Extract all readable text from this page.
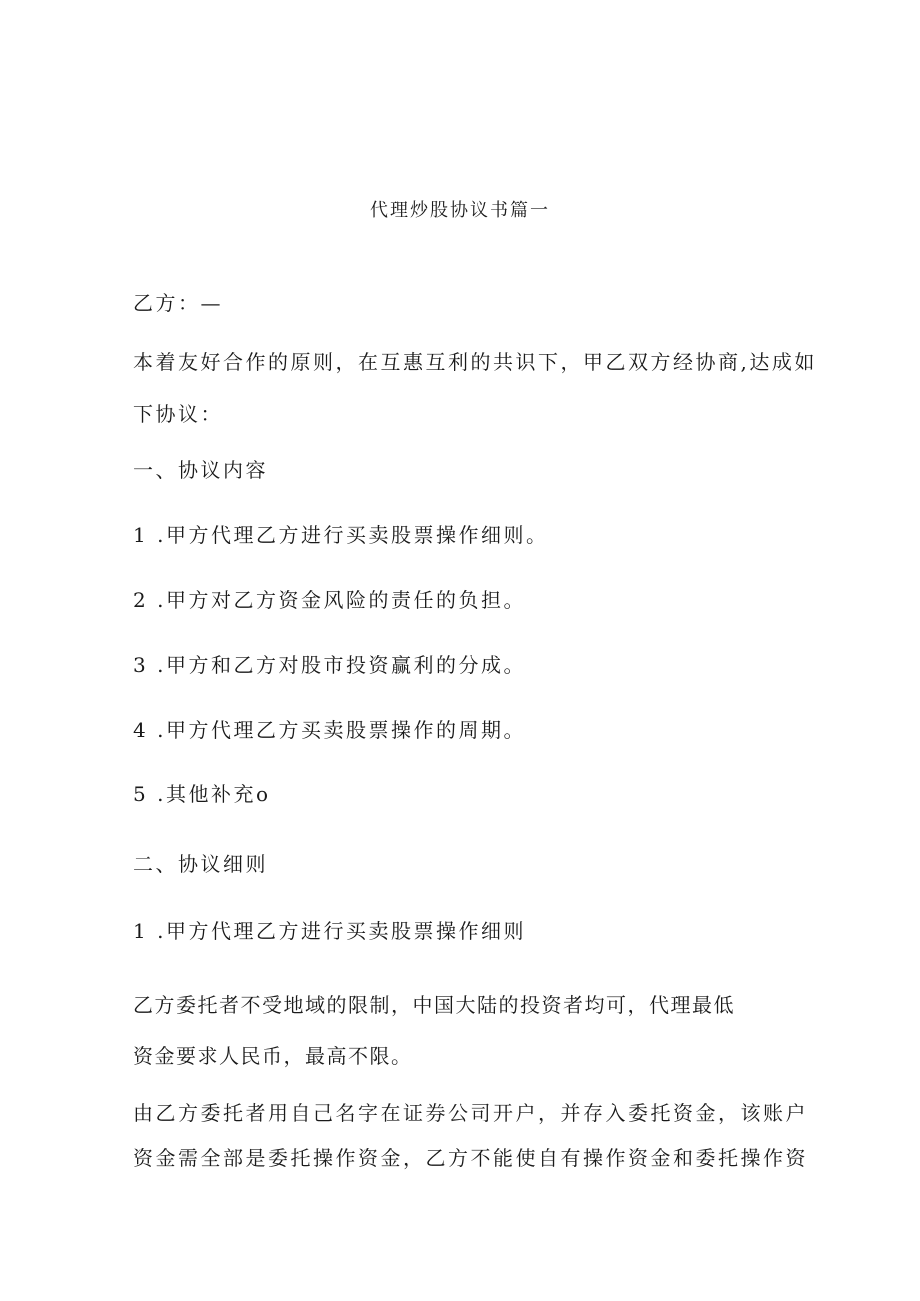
代理炒股协议书篇一
乙方：—
本着友好合作的原则，在互惠互利的共识下，甲乙双方经协商,达成如
下协议：
一、协议内容
1 .甲方代理乙方进行买卖股票操作细则。
2 .甲方对乙方资金风险的责任的负担。
3 .甲方和乙方对股市投资赢利的分成。
4 .甲方代理乙方买卖股票操作的周期。
5 .其他补充o
二、协议细则
1 .甲方代理乙方进行买卖股票操作细则
乙方委托者不受地域的限制，中国大陆的投资者均可，代理最低
资金要求人民币，最高不限。
由乙方委托者用自己名字在证券公司开户，并存入委托资金，该账户
资金需全部是委托操作资金，乙方不能使自有操作资金和委托操作资
